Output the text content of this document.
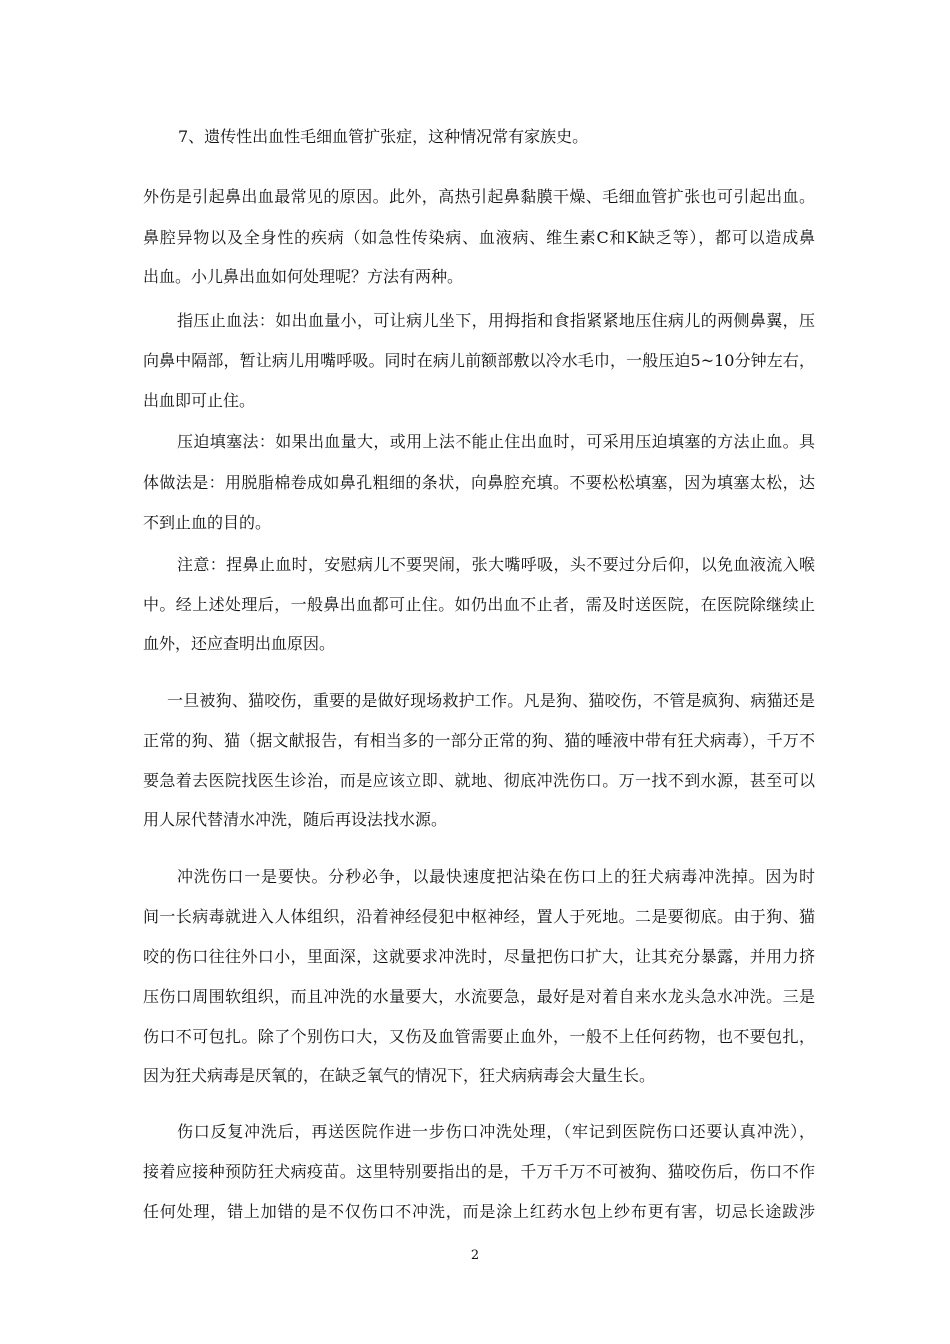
7、遗传性出血性毛细血管扩张症，这种情况常有家族史。
外伤是引起鼻出血最常见的原因。此外，高热引起鼻黏膜干燥、毛细血管扩张也可引起出血。
鼻腔异物以及全身性的疾病（如急性传染病、血液病、维生素C和K缺乏等），都可以造成鼻
出血。小儿鼻出血如何处理呢？方法有两种。
指压止血法：如出血量小，可让病儿坐下，用拇指和食指紧紧地压住病儿的两侧鼻翼，压
向鼻中隔部，暂让病儿用嘴呼吸。同时在病儿前额部敷以冷水毛巾，一般压迫5~10分钟左右，
出血即可止住。
压迫填塞法：如果出血量大，或用上法不能止住出血时，可采用压迫填塞的方法止血。具
体做法是：用脱脂棉卷成如鼻孔粗细的条状，向鼻腔充填。不要松松填塞，因为填塞太松，达
不到止血的目的。
注意：捏鼻止血时，安慰病儿不要哭闹，张大嘴呼吸，头不要过分后仰，以免血液流入喉
中。经上述处理后，一般鼻出血都可止住。如仍出血不止者，需及时送医院，在医院除继续止
血外，还应查明出血原因。
一旦被狗、猫咬伤，重要的是做好现场救护工作。凡是狗、猫咬伤，不管是疯狗、病猫还是
正常的狗、猫（据文献报告，有相当多的一部分正常的狗、猫的唾液中带有狂犬病毒），千万不
要急着去医院找医生诊治，而是应该立即、就地、彻底冲洗伤口。万一找不到水源，甚至可以
用人尿代替清水冲洗，随后再设法找水源。
冲洗伤口一是要快。分秒必争，以最快速度把沾染在伤口上的狂犬病毒冲洗掉。因为时
间一长病毒就进入人体组织，沿着神经侵犯中枢神经，置人于死地。二是要彻底。由于狗、猫
咬的伤口往往外口小，里面深，这就要求冲洗时，尽量把伤口扩大，让其充分暴露，并用力挤
压伤口周围软组织，而且冲洗的水量要大，水流要急，最好是对着自来水龙头急水冲洗。三是
伤口不可包扎。除了个别伤口大，又伤及血管需要止血外，一般不上任何药物，也不要包扎，
因为狂犬病毒是厌氧的，在缺乏氧气的情况下，狂犬病病毒会大量生长。
伤口反复冲洗后，再送医院作进一步伤口冲洗处理，（牢记到医院伤口还要认真冲洗），
接着应接种预防狂犬病疫苗。这里特别要指出的是，千万千万不可被狗、猫咬伤后，伤口不作
任何处理，错上加错的是不仅伤口不冲洗，而是涂上红药水包上纱布更有害，切忌长途跋涉
2
